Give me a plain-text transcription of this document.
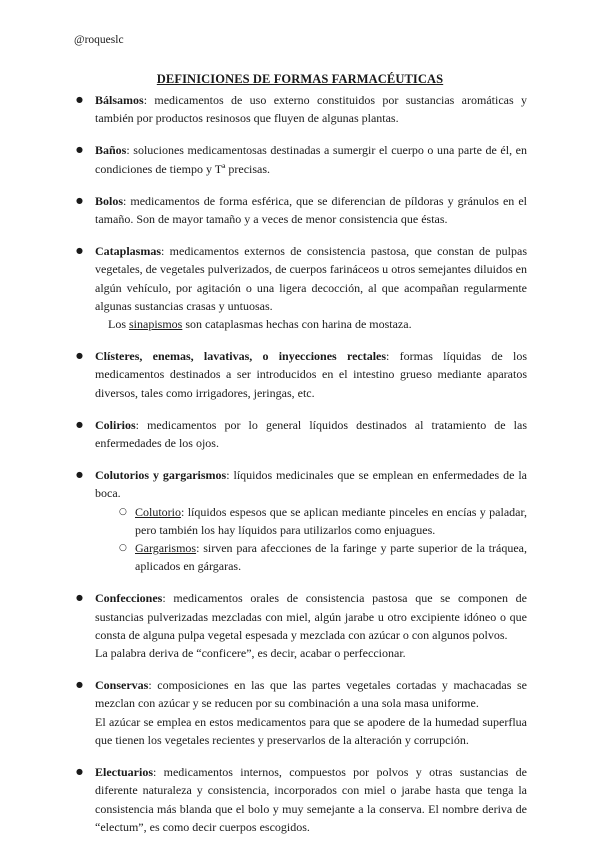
@roqueslc
DEFINICIONES DE FORMAS FARMACÉUTICAS

● Bálsamos: medicamentos de uso externo constituidos por sustancias aromáticas y también por productos resinosos que fluyen de algunas plantas.

● Baños: soluciones medicamentosas destinadas a sumergir el cuerpo o una parte de él, en condiciones de tiempo y Tª precisas.

● Bolos: medicamentos de forma esférica, que se diferencian de píldoras y gránulos en el tamaño. Son de mayor tamaño y a veces de menor consistencia que éstas.

● Cataplasmas: medicamentos externos de consistencia pastosa, que constan de pulpas vegetales, de vegetales pulverizados, de cuerpos farináceos u otros semejantes diluidos en algún vehículo, por agitación o una ligera decocción, al que acompañan regularmente algunas sustancias crasas y untuosas.

Los sinapismos son cataplasmas hechas con harina de mostaza.

● Clísteres, enemas, lavativas, o inyecciones rectales: formas líquidas de los medicamentos destinados a ser introducidos en el intestino grueso mediante aparatos diversos, tales como irrigadores, jeringas, etc.

● Colirios: medicamentos por lo general líquidos destinados al tratamiento de las enfermedades de los ojos.

● Colutorios y gargarismos: líquidos medicinales que se emplean en enfermedades de la boca.

○ Colutorio: líquidos espesos que se aplican mediante pinceles en encías y paladar, pero también los hay líquidos para utilizarlos como enjuagues.
○ Gargarismos: sirven para afecciones de la faringe y parte superior de la tráquea, aplicados en gárgaras.

● Confecciones: medicamentos orales de consistencia pastosa que se componen de sustancias pulverizadas mezcladas con miel, algún jarabe u otro excipiente idóneo o que consta de alguna pulpa vegetal espesada y mezclada con azúcar o con algunos polvos.

La palabra deriva de “conficere”, es decir, acabar o perfeccionar.

● Conservas: composiciones en las que las partes vegetales cortadas y machacadas se mezclan con azúcar y se reducen por su combinación a una sola masa uniforme.

El azúcar se emplea en estos medicamentos para que se apodere de la humedad superflua que tienen los vegetales recientes y preservarlos de la alteración y corrupción.

● Electuarios: medicamentos internos, compuestos por polvos y otras sustancias de diferente naturaleza y consistencia, incorporados con miel o jarabe hasta que tenga la consistencia más blanda que el bolo y muy semejante a la conserva. El nombre deriva de “electum”, es como decir cuerpos escogidos.
